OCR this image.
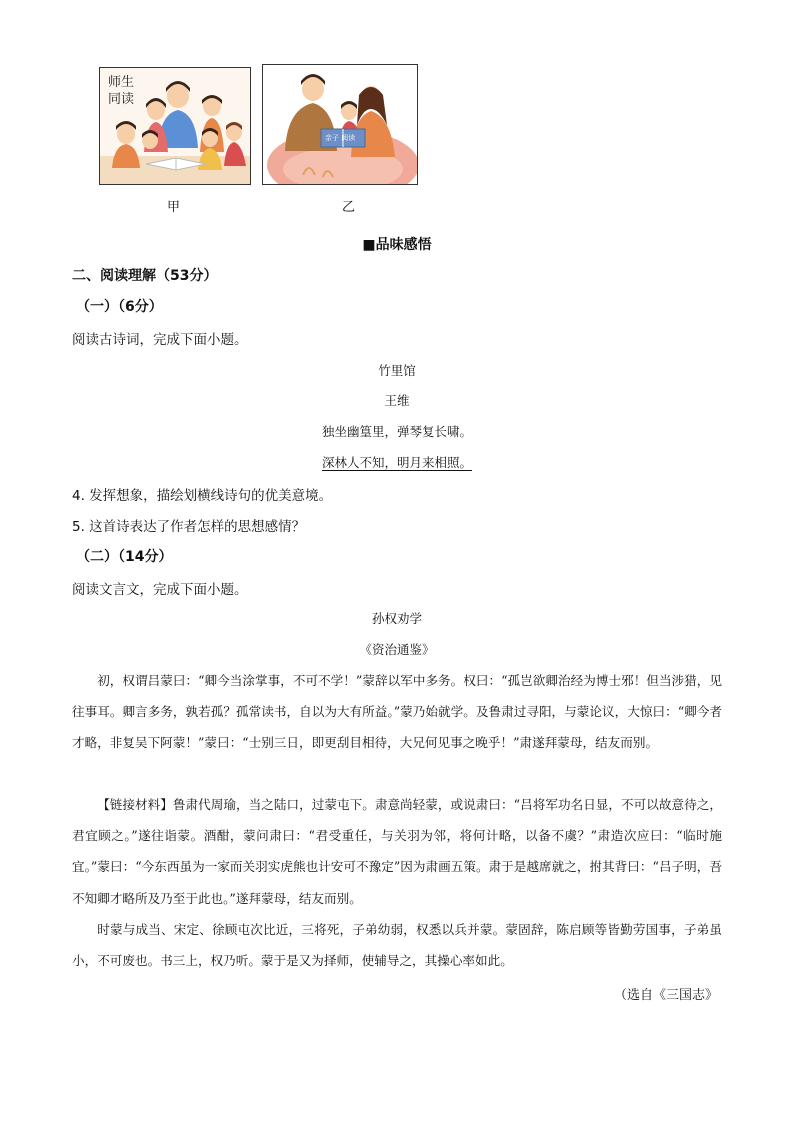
师生
同读
亲子 阅读
甲	乙
■品味感悟
二、阅读理解（53分）
（一）（6分）
阅读古诗词，完成下面小题。
竹里馆
王维
独坐幽篁里，弹琴复长啸。
深林人不知，明月来相照。
4. 发挥想象，描绘划横线诗句的优美意境。
5. 这首诗表达了作者怎样的思想感情？
（二）（14分）
阅读文言文，完成下面小题。
孙权劝学
《资治通鉴》

初，权谓吕蒙曰：“卿今当涂掌事，不可不学！”蒙辞以军中多务。权曰：“孤岂欲卿治经为博士邪！但当涉猎，见往事耳。卿言多务，孰若孤？孤常读书，自以为大有所益。”蒙乃始就学。及鲁肃过寻阳，与蒙论议，大惊曰：“卿今者才略，非复吴下阿蒙！”蒙曰：“士别三日，即更刮目相待，大兄何见事之晚乎！”肃遂拜蒙母，结友而别。

【链接材料】鲁肃代周瑜，当之陆口，过蒙屯下。肃意尚轻蒙，或说肃曰：“吕将军功名日显，不可以故意待之，君宜顾之。”遂往诣蒙。酒酣，蒙问肃曰：“君受重任，与关羽为邻，将何计略，以备不虞？”肃造次应曰：“临时施宜。”蒙曰：“今东西虽为一家而关羽实虎熊也计安可不豫定”因为肃画五策。肃于是越席就之，拊其背曰：“吕子明，吾不知卿才略所及乃至于此也。”遂拜蒙母，结友而别。

时蒙与成当、宋定、徐顾屯次比近，三将死，子弟幼弱，权悉以兵并蒙。蒙固辞，陈启顾等皆勤劳国事，子弟虽小，不可废也。书三上，权乃听。蒙于是又为择师，使辅导之，其操心率如此。

（选自《三国志》
